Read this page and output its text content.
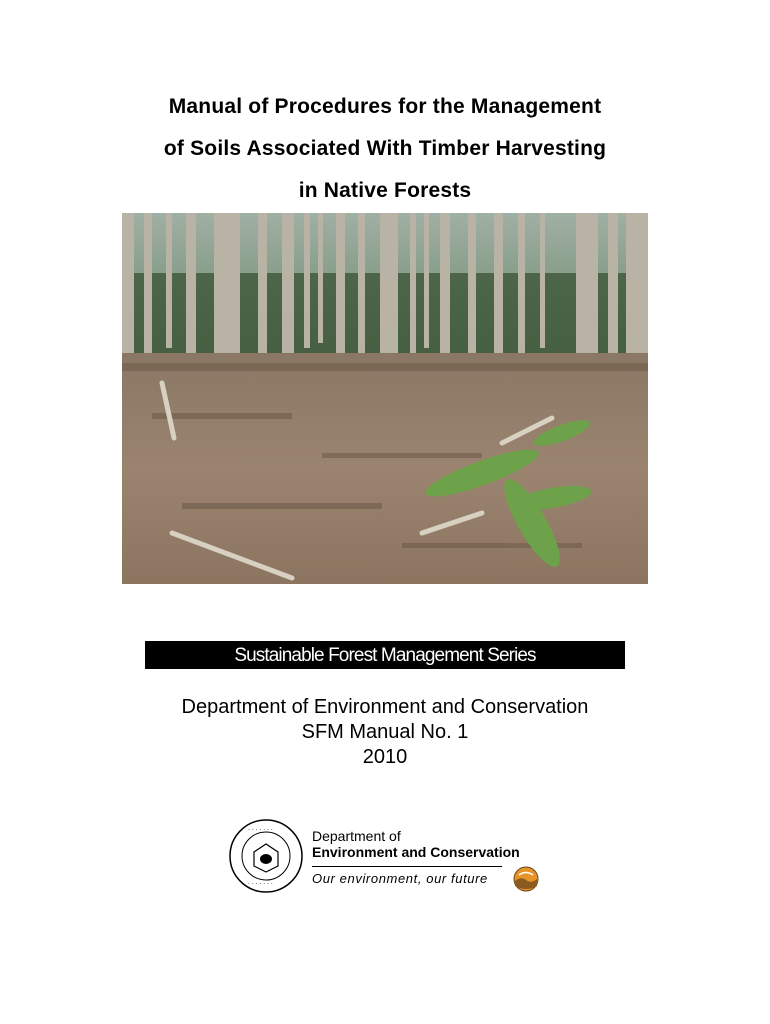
Manual of Procedures for the Management
of Soils Associated With Timber Harvesting
in Native Forests
Sustainable Forest Management Series
Department of Environment and Conservation
SFM Manual No. 1
2010
· · · · · · ·
· · · · · · ·
Department of
Environment and Conservation
Our environment, our future
